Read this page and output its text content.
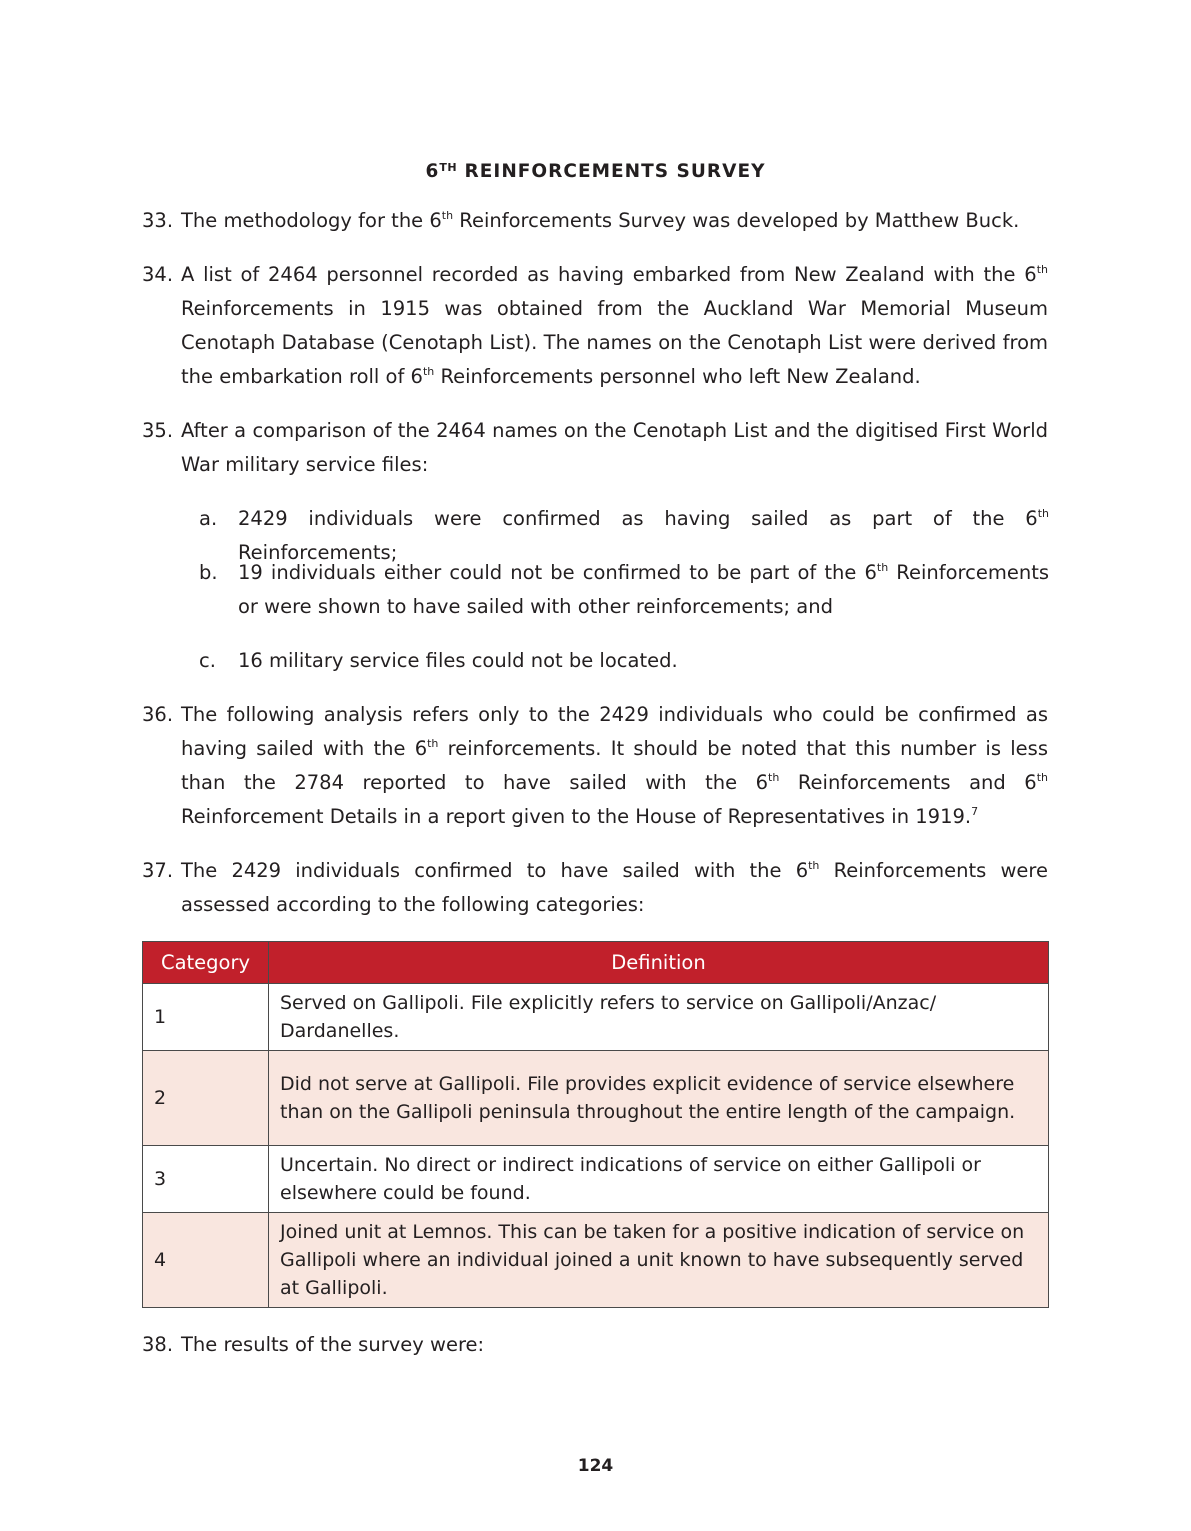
6TH REINFORCEMENTS SURVEY
33. The methodology for the 6th Reinforcements Survey was developed by Matthew Buck.
34. A list of 2464 personnel recorded as having embarked from New Zealand with the 6th Reinforcements in 1915 was obtained from the Auckland War Memorial Museum Cenotaph Database (Cenotaph List). The names on the Cenotaph List were derived from the embarkation roll of 6th Reinforcements personnel who left New Zealand.
35. After a comparison of the 2464 names on the Cenotaph List and the digitised First World War military service files:
a. 2429 individuals were confirmed as having sailed as part of the 6th Reinforcements;
b. 19 individuals either could not be confirmed to be part of the 6th Reinforcements or were shown to have sailed with other reinforcements; and
c. 16 military service files could not be located.
36. The following analysis refers only to the 2429 individuals who could be confirmed as having sailed with the 6th reinforcements. It should be noted that this number is less than the 2784 reported to have sailed with the 6th Reinforcements and 6th Reinforcement Details in a report given to the House of Representatives in 1919.$^7$
37. The 2429 individuals confirmed to have sailed with the 6th Reinforcements were assessed according to the following categories:
Category	Definition
1	Served on Gallipoli. File explicitly refers to service on Gallipoli/Anzac/ Dardanelles.
2	Did not serve at Gallipoli. File provides explicit evidence of service elsewhere than on the Gallipoli peninsula throughout the entire length of the campaign.
3	Uncertain. No direct or indirect indications of service on either Gallipoli or elsewhere could be found.
4	Joined unit at Lemnos. This can be taken for a positive indication of service on Gallipoli where an individual joined a unit known to have subsequently served at Gallipoli.
38. The results of the survey were:
124
